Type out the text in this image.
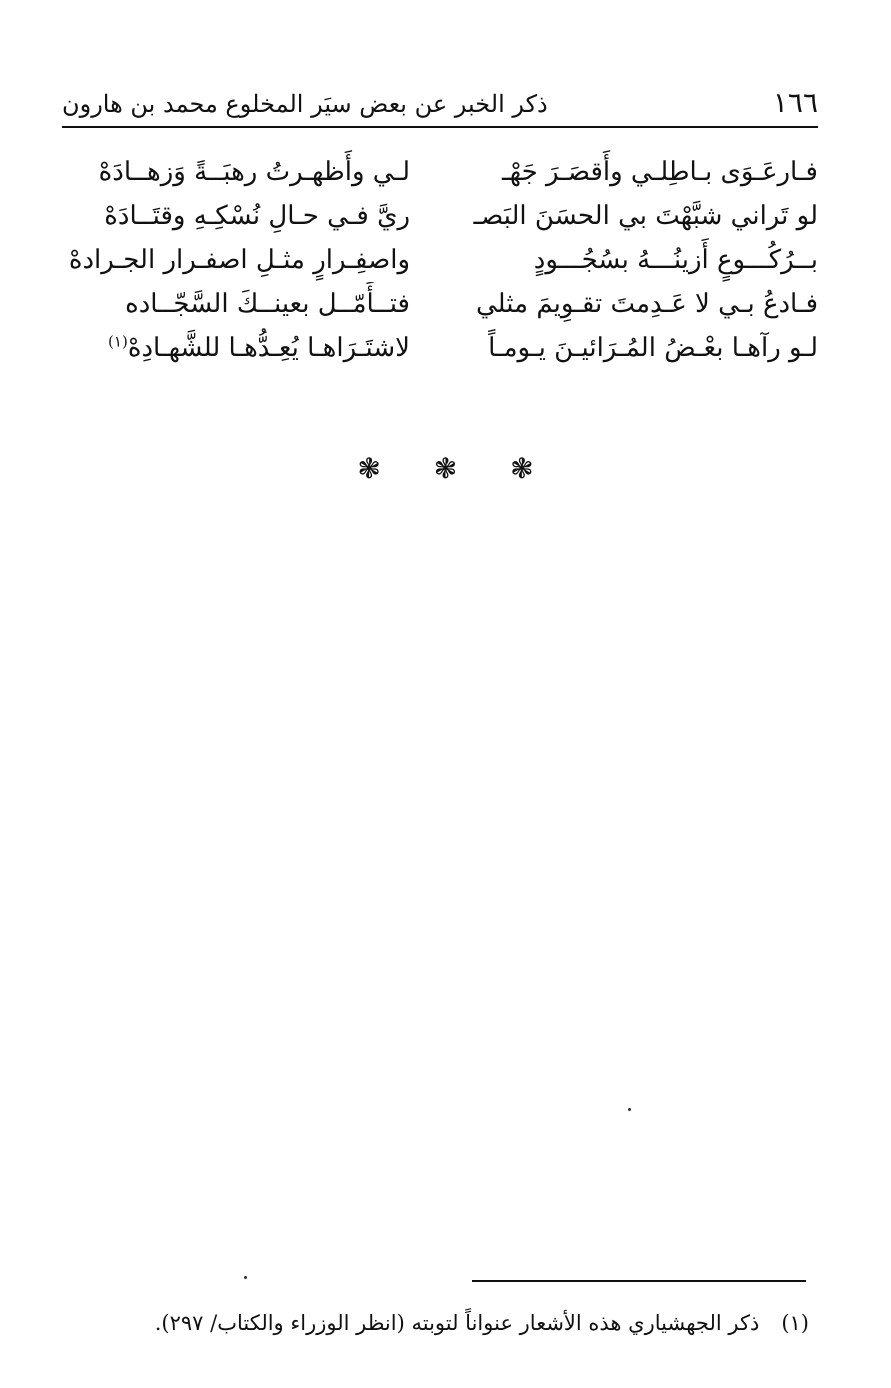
١٦٦
ذكر الخبر عن بعض سيَر المخلوع محمد بن هارون
فـارعَـوَى بـاطِلـي وأَقصَـرَ جَهْـ
لـي وأَظهـرتُ رهبَــةً وَزهــادَهْ
لو تَراني شبَّهْتَ بي الحسَنَ البَصـ
ريَّ فـي حـالِ نُسْكِـهِ وقتَــادَهْ
بــرُكُـــوعٍ أَزينُـــهُ بسُجُـــودٍ
واصفِـرارٍ مثـلِ اصفـرار الجـرادهْ
فـادعُ بـي لا عَـدِمتَ تقـوِيمَ مثلي
فتــأَمّــل بعينــكَ السَّجّــاده
لـو رآهـا بعْـضُ المُـرَائيـنَ يـومـاً
لاشتَـرَاهـا يُعِـدُّهـا للشَّهـادِهْ$^{(١)}$
❃ ❃ ❃
(١)ذكر الجهشياري هذه الأشعار عنواناً لتوبته (انظر الوزراء والكتاب/ ٢٩٧).
